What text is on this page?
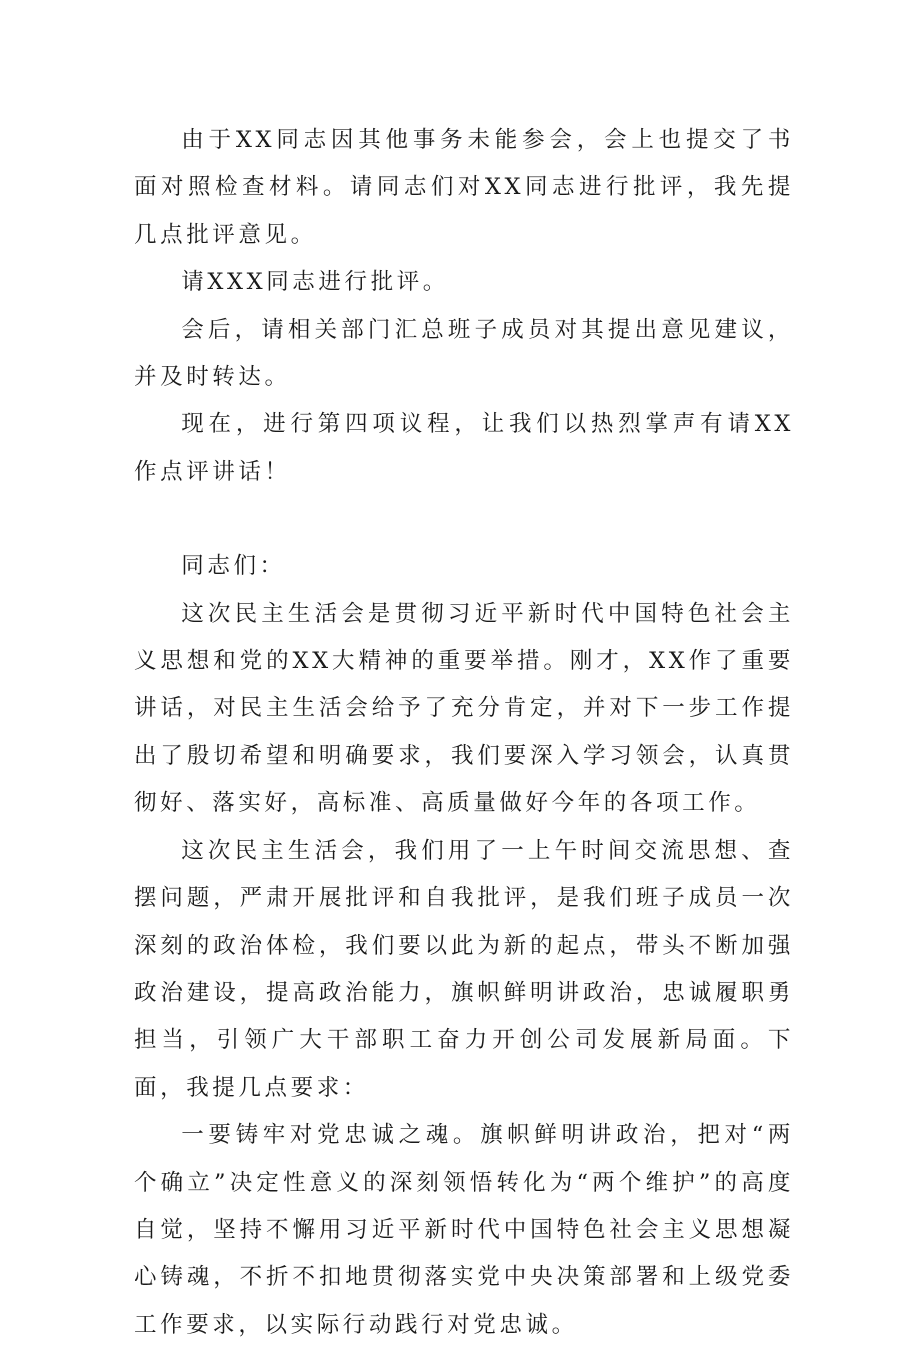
由于XX同志因其他事务未能参会，会上也提交了书面对照检查材料。请同志们对XX同志进行批评，我先提几点批评意见。

请XXX同志进行批评。

会后，请相关部门汇总班子成员对其提出意见建议，并及时转达。

现在，进行第四项议程，让我们以热烈掌声有请XX作点评讲话！

同志们：

这次民主生活会是贯彻习近平新时代中国特色社会主义思想和党的XX大精神的重要举措。刚才，XX作了重要讲话，对民主生活会给予了充分肯定，并对下一步工作提出了殷切希望和明确要求，我们要深入学习领会，认真贯彻好、落实好，高标准、高质量做好今年的各项工作。

这次民主生活会，我们用了一上午时间交流思想、查摆问题，严肃开展批评和自我批评，是我们班子成员一次深刻的政治体检，我们要以此为新的起点，带头不断加强政治建设，提高政治能力，旗帜鲜明讲政治，忠诚履职勇担当，引领广大干部职工奋力开创公司发展新局面。下面，我提几点要求：

一要铸牢对党忠诚之魂。旗帜鲜明讲政治，把对“两个确立”决定性意义的深刻领悟转化为“两个维护”的高度自觉，坚持不懈用习近平新时代中国特色社会主义思想凝心铸魂，不折不扣地贯彻落实党中央决策部署和上级党委工作要求，以实际行动践行对党忠诚。
